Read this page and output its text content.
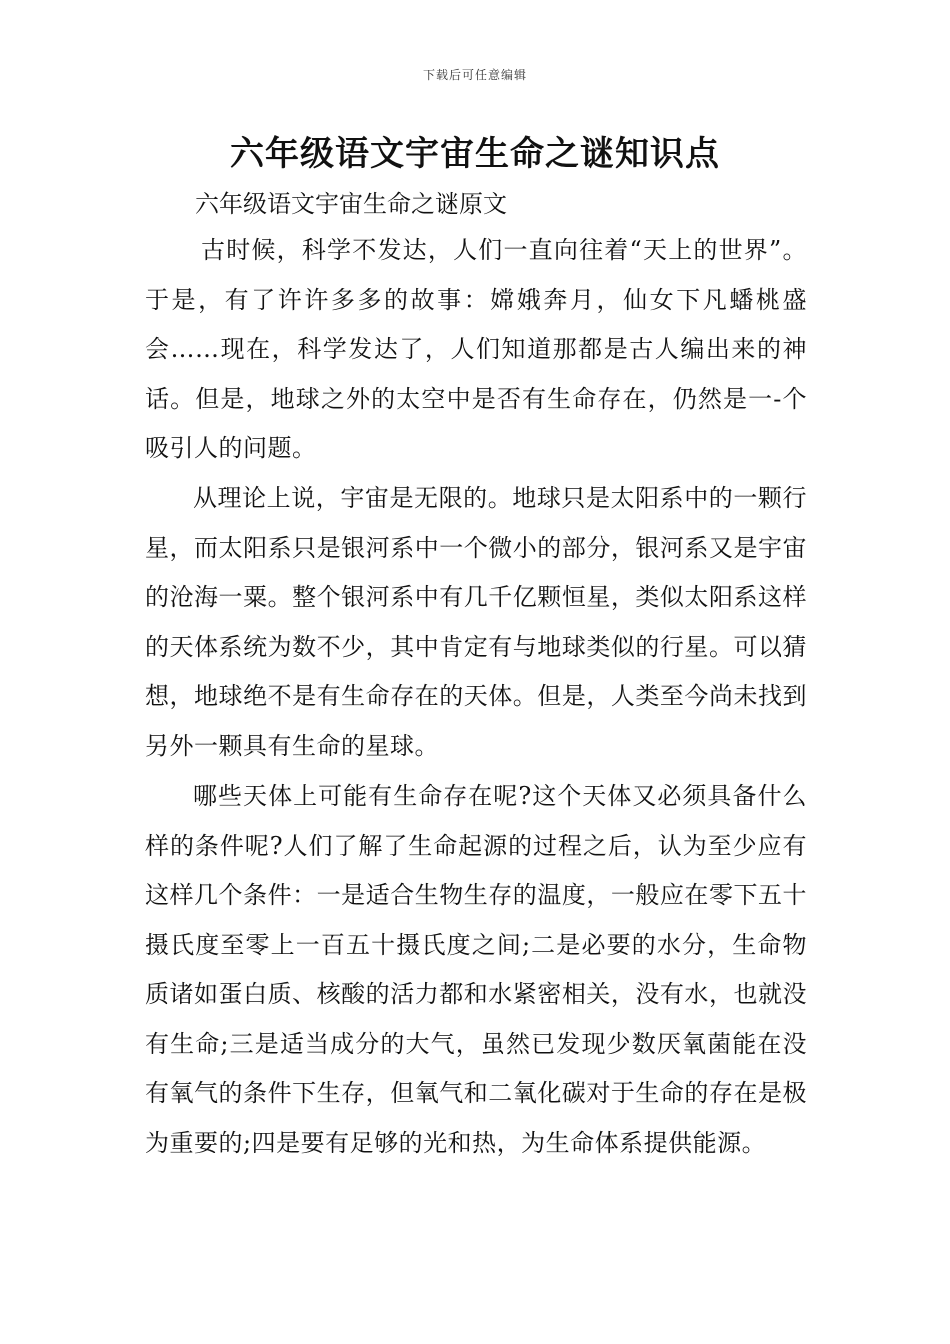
下载后可任意编辑
六年级语文宇宙生命之谜知识点

六年级语文宇宙生命之谜原文

古时候，科学不发达，人们一直向往着“天上的世界”。于是，有了许许多多的故事：嫦娥奔月，仙女下凡蟠桃盛会……现在，科学发达了，人们知道那都是古人编出来的神话。但是，地球之外的太空中是否有生命存在，仍然是一-个吸引人的问题。

从理论上说，宇宙是无限的。地球只是太阳系中的一颗行星，而太阳系只是银河系中一个微小的部分，银河系又是宇宙的沧海一粟。整个银河系中有几千亿颗恒星，类似太阳系这样的天体系统为数不少，其中肯定有与地球类似的行星。可以猜想，地球绝不是有生命存在的天体。但是，人类至今尚未找到另外一颗具有生命的星球。

哪些天体上可能有生命存在呢?这个天体又必须具备什么样的条件呢?人们了解了生命起源的过程之后，认为至少应有这样几个条件：一是适合生物生存的温度，一般应在零下五十摄氏度至零上一百五十摄氏度之间;二是必要的水分，生命物质诸如蛋白质、核酸的活力都和水紧密相关，没有水，也就没有生命;三是适当成分的大气，虽然已发现少数厌氧菌能在没有氧气的条件下生存，但氧气和二氧化碳对于生命的存在是极为重要的;四是要有足够的光和热，为生命体系提供能源。
